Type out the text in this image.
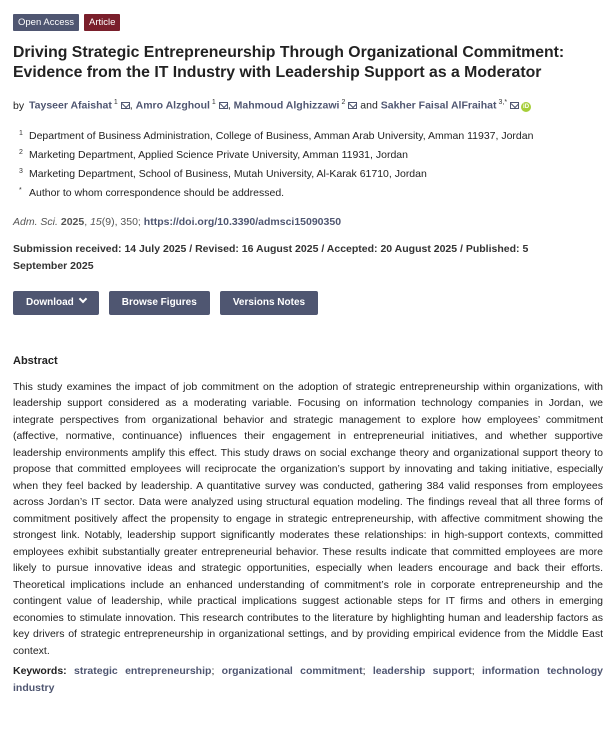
Open Access	Article
Driving Strategic Entrepreneurship Through Organizational Commitment: Evidence from the IT Industry with Leadership Support as a Moderator
by Tayseer Afaishat $^1$ , Amro Alzghoul $^1$ , Mahmoud Alghizzawi $^2$ and Sakher Faisal AlFraihat $^{3,*}$iD
1 Department of Business Administration, College of Business, Amman Arab University, Amman 11937, Jordan
2 Marketing Department, Applied Science Private University, Amman 11931, Jordan
3 Marketing Department, School of Business, Mutah University, Al-Karak 61710, Jordan
* Author to whom correspondence should be addressed.
Adm. Sci. 2025, 15(9), 350; https://doi.org/10.3390/admsci15090350
Submission received: 14 July 2025 / Revised: 16 August 2025 / Accepted: 20 August 2025 / Published: 5 September 2025
Download	Browse Figures	Versions Notes
Abstract

This study examines the impact of job commitment on the adoption of strategic entrepreneurship within organizations, with leadership support considered as a moderating variable. Focusing on information technology companies in Jordan, we integrate perspectives from organizational behavior and strategic management to explore how employees’ commitment (affective, normative, continuance) influences their engagement in entrepreneurial initiatives, and whether supportive leadership environments amplify this effect. This study draws on social exchange theory and organizational support theory to propose that committed employees will reciprocate the organization’s support by innovating and taking initiative, especially when they feel backed by leadership. A quantitative survey was conducted, gathering 384 valid responses from employees across Jordan’s IT sector. Data were analyzed using structural equation modeling. The findings reveal that all three forms of commitment positively affect the propensity to engage in strategic entrepreneurship, with affective commitment showing the strongest link. Notably, leadership support significantly moderates these relationships: in high-support contexts, committed employees exhibit substantially greater entrepreneurial behavior. These results indicate that committed employees are more likely to pursue innovative ideas and strategic opportunities, especially when leaders encourage and back their efforts. Theoretical implications include an enhanced understanding of commitment’s role in corporate entrepreneurship and the contingent value of leadership, while practical implications suggest actionable steps for IT firms and others in emerging economies to stimulate innovation. This research contributes to the literature by highlighting human and leadership factors as key drivers of strategic entrepreneurship in organizational settings, and by providing empirical evidence from the Middle East context.

Keywords: strategic entrepreneurship; organizational commitment; leadership support; information technology industry
